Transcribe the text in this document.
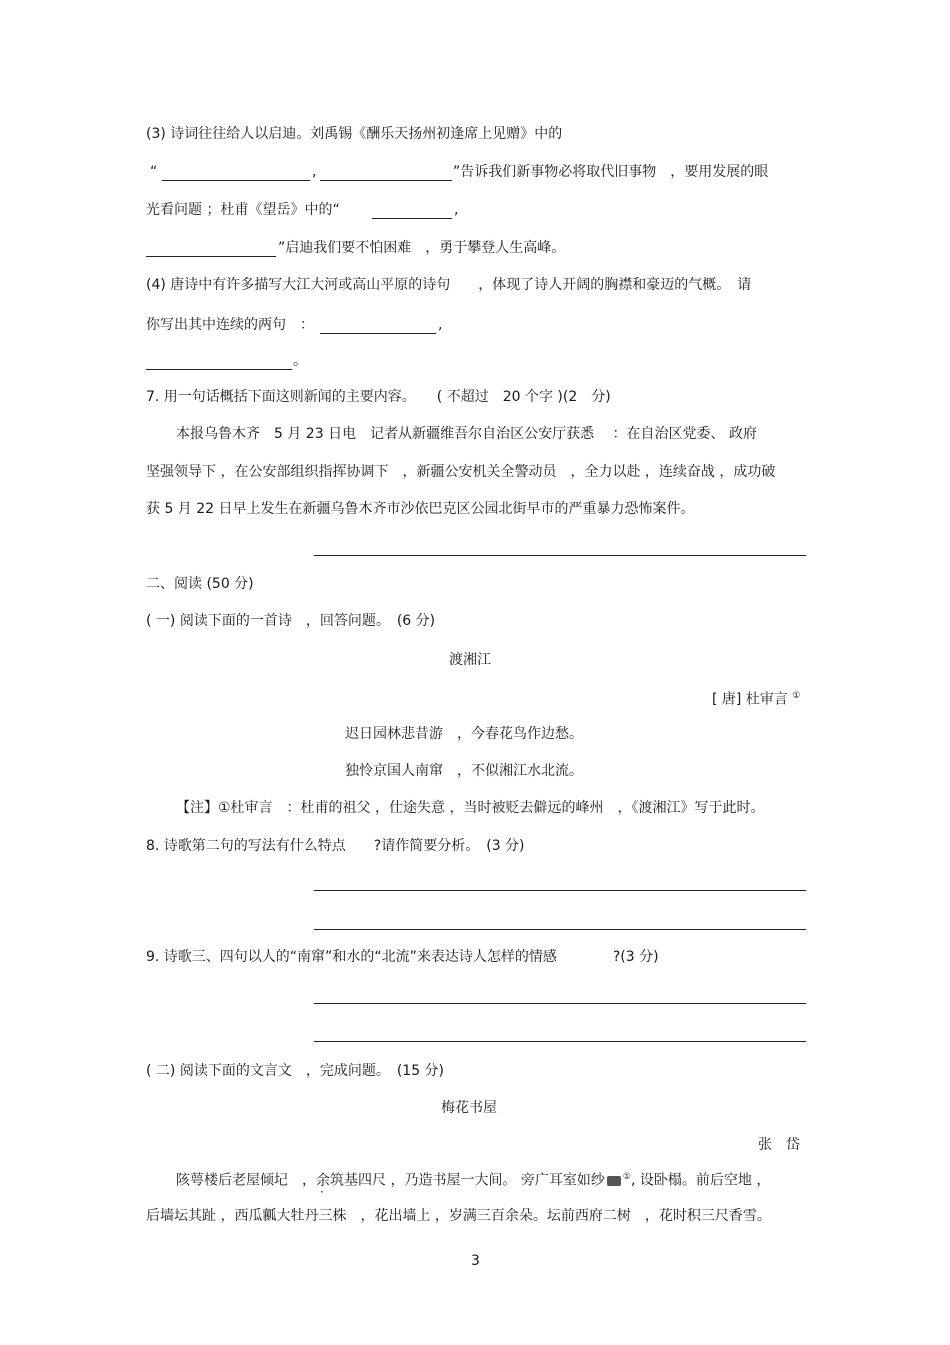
(3) 诗词往往给人以启迪。刘禹锡《酬乐天扬州初逢席上见赠》中的
“	,	”告诉我们新事物必将取代旧事物　，要用发展的眼
光看问题 ；杜甫《望岳》中的“	,
”启迪我们要不怕困难　，勇于攀登人生高峰。
(4) 唐诗中有许多描写大江大河或高山平原的诗句　　，体现了诗人开阔的胸襟和豪迈的气概。　请
你写出其中连续的两句　：	,
。
7. 用一句话概括下面这则新闻的主要内容。　　( 不超过　20 个字 )(2　分)
本报乌鲁木齐　5 月 23 日电　记者从新疆维吾尔自治区公安厅获悉　 ：在自治区党委、 政府
坚强领导下 ，在公安部组织指挥协调下　，新疆公安机关全警动员　，全力以赴 ，连续奋战 ，成功破
获 5 月 22 日早上发生在新疆乌鲁木齐市沙依巴克区公园北街早市的严重暴力恐怖案件。
二、阅读 (50 分)
( 一) 阅读下面的一首诗　，回答问题。　(6 分)
渡湘江
[ 唐] 杜审言 ①
迟日园林悲昔游　，今春花鸟作边愁。
独怜京国人南窜　，不似湘江水北流。
【注】①杜审言　：杜甫的祖父 ，仕途失意 ，当时被贬去僻远的峰州　，《渡湘江》写于此时。
8. 诗歌第二句的写法有什么特点　　?请作简要分析。　(3 分)
9. 诗歌三、四句以人的“南窜”和水的“北流”来表达诗人怎样的情感　　　　?(3 分)
( 二) 阅读下面的文言文　，完成问题。　(15 分)
梅花书屋
张　岱
陔萼楼后老屋倾圮　，余筑基四尺 ，乃造书屋一大间。 旁广耳室如纱 ①, 设卧榻。前后空地 ，
后墙坛其趾 ，西瓜瓤大牡丹三株　，花出墙上 ，岁满三百余朵。坛前西府二树　，花时积三尺香雪。
3
